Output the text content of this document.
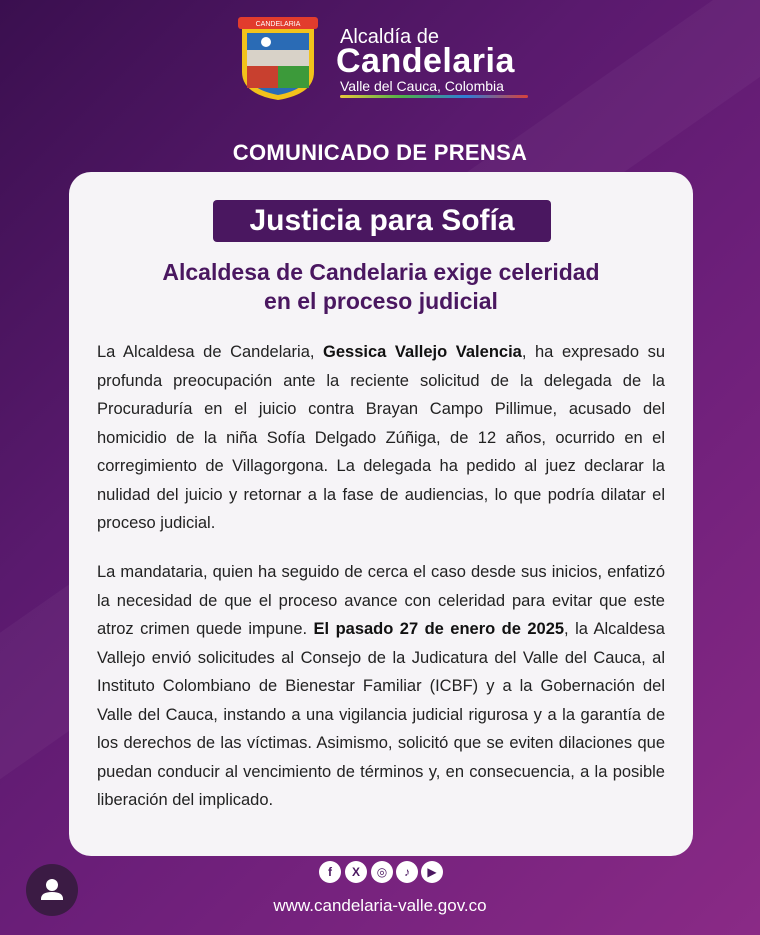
CANDELARIA
Alcaldía de
Candelaria
Valle del Cauca, Colombia
COMUNICADO DE PRENSA
Justicia para Sofía
Alcaldesa de Candelaria exige celeridad
en el proceso judicial
La Alcaldesa de Candelaria, Gessica Vallejo Valencia, ha expresado su profunda preocupación ante la reciente solicitud de la delegada de la Procuraduría en el juicio contra Brayan Campo Pillimue, acusado del homicidio de la niña Sofía Delgado Zúñiga, de 12 años, ocurrido en el corregimiento de Villagorgona. La delegada ha pedido al juez declarar la nulidad del juicio y retornar a la fase de audiencias, lo que podría dilatar el proceso judicial.
La mandataria, quien ha seguido de cerca el caso desde sus inicios, enfatizó la necesidad de que el proceso avance con celeridad para evitar que este atroz crimen quede impune. El pasado 27 de enero de 2025, la Alcaldesa Vallejo envió solicitudes al Consejo de la Judicatura del Valle del Cauca, al Instituto Colombiano de Bienestar Familiar (ICBF) y a la Gobernación del Valle del Cauca, instando a una vigilancia judicial rigurosa y a la garantía de los derechos de las víctimas. Asimismo, solicitó que se eviten dilaciones que puedan conducir al vencimiento de términos y, en consecuencia, a la posible liberación del implicado.
f	X	◎	♪	▶
www.candelaria-valle.gov.co
